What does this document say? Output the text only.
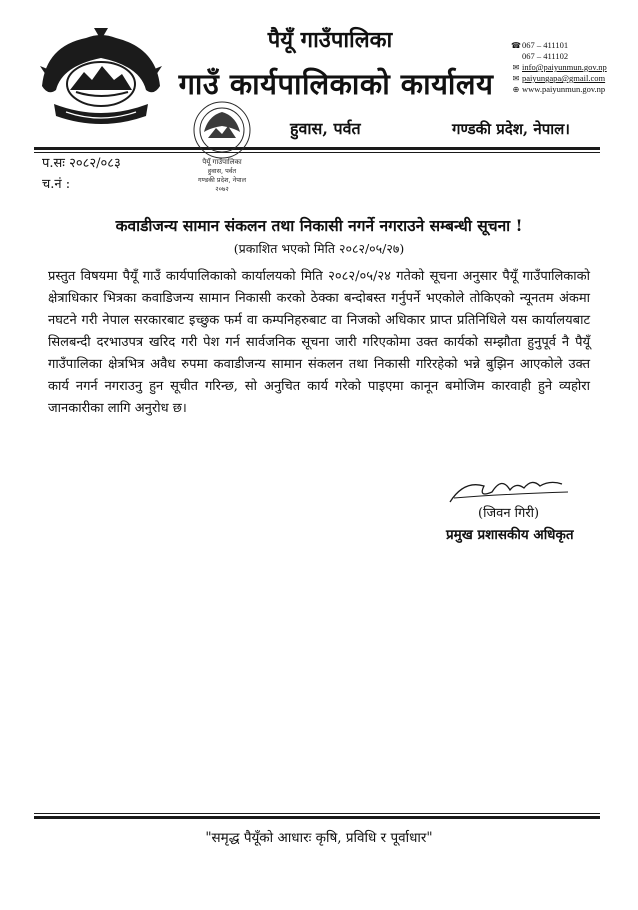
पैयूँ गाउँपालिका
गाउँ कार्यपालिकाको कार्यालय
हुवास, पर्वत	गण्डकी प्रदेश, नेपाल।
☎ 067 – 411101
067 – 411102
✉ info@paiyunmun.gov.np
✉ paiyungapa@gmail.com
⊕ www.paiyunmun.gov.np
पैयूँ गाउँपालिका
हुवास, पर्वत
गण्डकी प्रदेश, नेपाल
२०७२
प.सः २०८२/०८३
च.नं :
कवाडीजन्य सामान संकलन तथा निकासी नगर्ने नगराउने सम्बन्धी सूचना !
(प्रकाशित भएको मिति २०८२/०५/२७)
प्रस्तुत विषयमा पैयूँ गाउँ कार्यपालिकाको कार्यालयको मिति २०८२/०५/२४ गतेको सूचना अनुसार पैयूँ गाउँपालिकाको क्षेत्राधिकार भित्रका कवाडिजन्य सामान निकासी करको ठेक्का बन्दोबस्त गर्नुपर्ने भएकोले तोकिएको न्यूनतम अंकमा नघटने गरी नेपाल सरकारबाट इच्छुक फर्म वा कम्पनिहरुबाट वा निजको अधिकार प्राप्त प्रतिनिधिले यस कार्यालयबाट सिलबन्दी दरभाउपत्र खरिद गरी पेश गर्न सार्वजनिक सूचना जारी गरिएकोमा उक्त कार्यको सम्झौता हुनुपूर्व नै पैयूँ गाउँपालिका क्षेत्रभित्र अवैध रुपमा कवाडीजन्य सामान संकलन तथा निकासी गरिरहेको भन्ने बुझिन आएकोले उक्त कार्य नगर्न नगराउनु हुन सूचीत गरिन्छ, सो अनुचित कार्य गरेको पाइएमा कानून बमोजिम कारवाही हुने व्यहोरा जानकारीका लागि अनुरोध छ।
(जिवन गिरी)
प्रमुख प्रशासकीय अधिकृत
"समृद्ध पैयूँको आधारः कृषि, प्रविधि र पूर्वाधार"
